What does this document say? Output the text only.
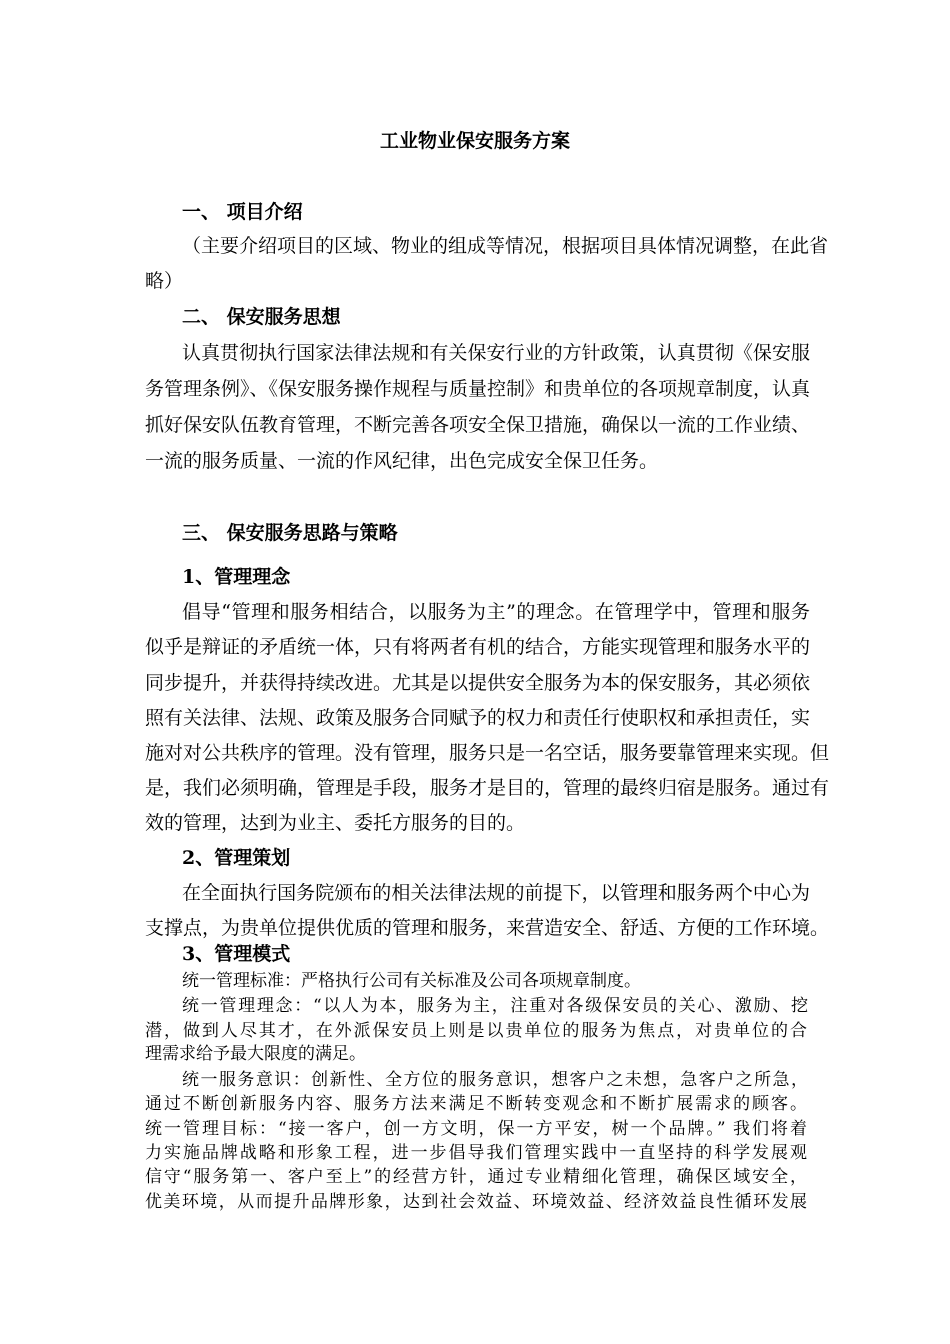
工业物业保安服务方案
一、 项目介绍
（主要介绍项目的区域、物业的组成等情况，根据项目具体情况调整，在此省
略）
二、 保安服务思想
认真贯彻执行国家法律法规和有关保安行业的方针政策，认真贯彻《保安服
务管理条例》、《保安服务操作规程与质量控制》和贵单位的各项规章制度，认真
抓好保安队伍教育管理，不断完善各项安全保卫措施，确保以一流的工作业绩、
一流的服务质量、一流的作风纪律，出色完成安全保卫任务。
三、 保安服务思路与策略
1、管理理念
倡导“管理和服务相结合，以服务为主”的理念。在管理学中，管理和服务
似乎是辩证的矛盾统一体，只有将两者有机的结合，方能实现管理和服务水平的
同步提升，并获得持续改进。尤其是以提供安全服务为本的保安服务，其必须依
照有关法律、法规、政策及服务合同赋予的权力和责任行使职权和承担责任，实
施对对公共秩序的管理。没有管理，服务只是一名空话，服务要靠管理来实现。但
是，我们必须明确，管理是手段，服务才是目的，管理的最终归宿是服务。通过有
效的管理，达到为业主、委托方服务的目的。
2、管理策划
在全面执行国务院颁布的相关法律法规的前提下，以管理和服务两个中心为
支撑点，为贵单位提供优质的管理和服务，来营造安全、舒适、方便的工作环境。
3、管理模式
统一管理标准：严格执行公司有关标准及公司各项规章制度。
统一管理理念：“以人为本，服务为主，注重对各级保安员的关心、激励、挖
潜，做到人尽其才，在外派保安员上则是以贵单位的服务为焦点，对贵单位的合
理需求给予最大限度的满足。
统一服务意识：创新性、全方位的服务意识，想客户之未想，急客户之所急，
通过不断创新服务内容、服务方法来满足不断转变观念和不断扩展需求的顾客。
统一管理目标：“接一客户，创一方文明，保一方平安，树一个品牌。” 我们将着
力实施品牌战略和形象工程，进一步倡导我们管理实践中一直坚持的科学发展观
信守“服务第一、客户至上”的经营方针，通过专业精细化管理，确保区域安全，
优美环境，从而提升品牌形象，达到社会效益、环境效益、经济效益良性循环发展
